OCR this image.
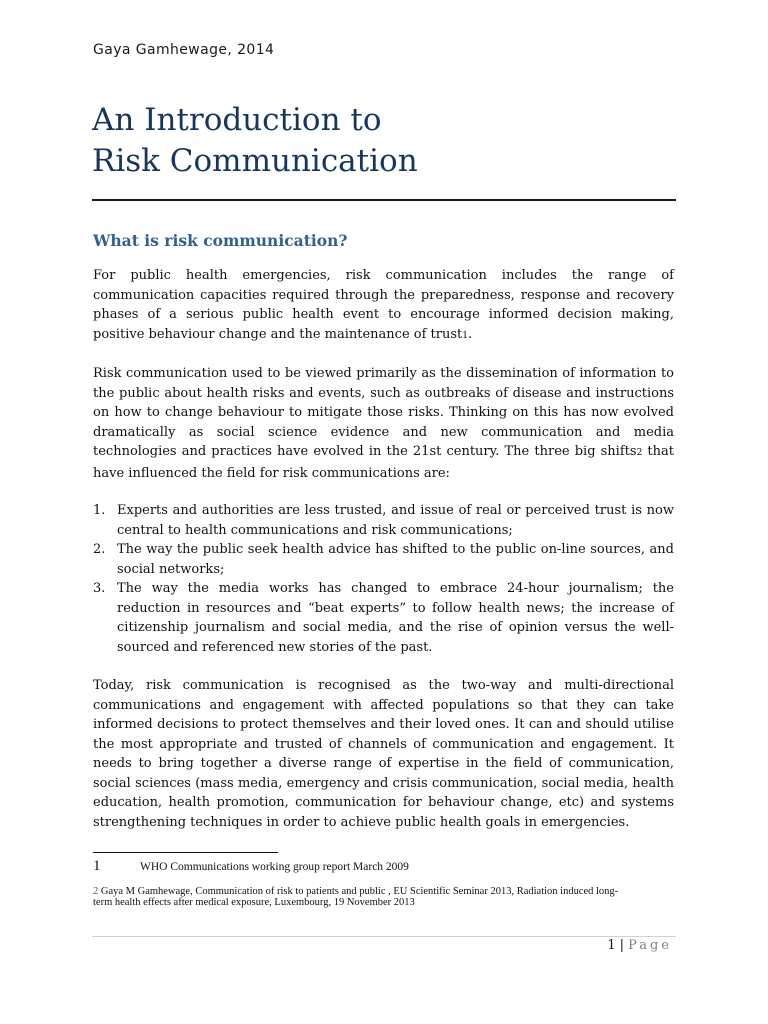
Gaya Gamhewage, 2014
An Introduction to
Risk Communication
What is risk communication?

For public health emergencies, risk communication includes the range of communication capacities required through the preparedness, response and recovery phases of a serious public health event to encourage informed decision making, positive behaviour change and the maintenance of trust1.

Risk communication used to be viewed primarily as the dissemination of information to the public about health risks and events, such as outbreaks of disease and instructions on how to change behaviour to mitigate those risks. Thinking on this has now evolved dramatically as social science evidence and new communication and media technologies and practices have evolved in the 21st century. The three big shifts2 that have influenced the field for risk communications are:

1. Experts and authorities are less trusted, and issue of real or perceived trust is now central to health communications and risk communications;
2. The way the public seek health advice has shifted to the public on-line sources, and social networks;
3. The way the media works has changed to embrace 24-hour journalism; the reduction in resources and “beat experts” to follow health news; the increase of citizenship journalism and social media, and the rise of opinion versus the well-sourced and referenced new stories of the past.

Today, risk communication is recognised as the two-way and multi-directional communications and engagement with affected populations so that they can take informed decisions to protect themselves and their loved ones. It can and should utilise the most appropriate and trusted of channels of communication and engagement. It needs to bring together a diverse range of expertise in the field of communication, social sciences (mass media, emergency and crisis communication, social media, health education, health promotion, communication for behaviour change, etc) and systems strengthening techniques in order to achieve public health goals in emergencies.

1	WHO Communications working group report March 2009
2 Gaya M Gamhewage, Communication of risk to patients and public , EU Scientific Seminar 2013, Radiation induced long-term health effects after medical exposure, Luxembourg, 19 November 2013
1 | Page
